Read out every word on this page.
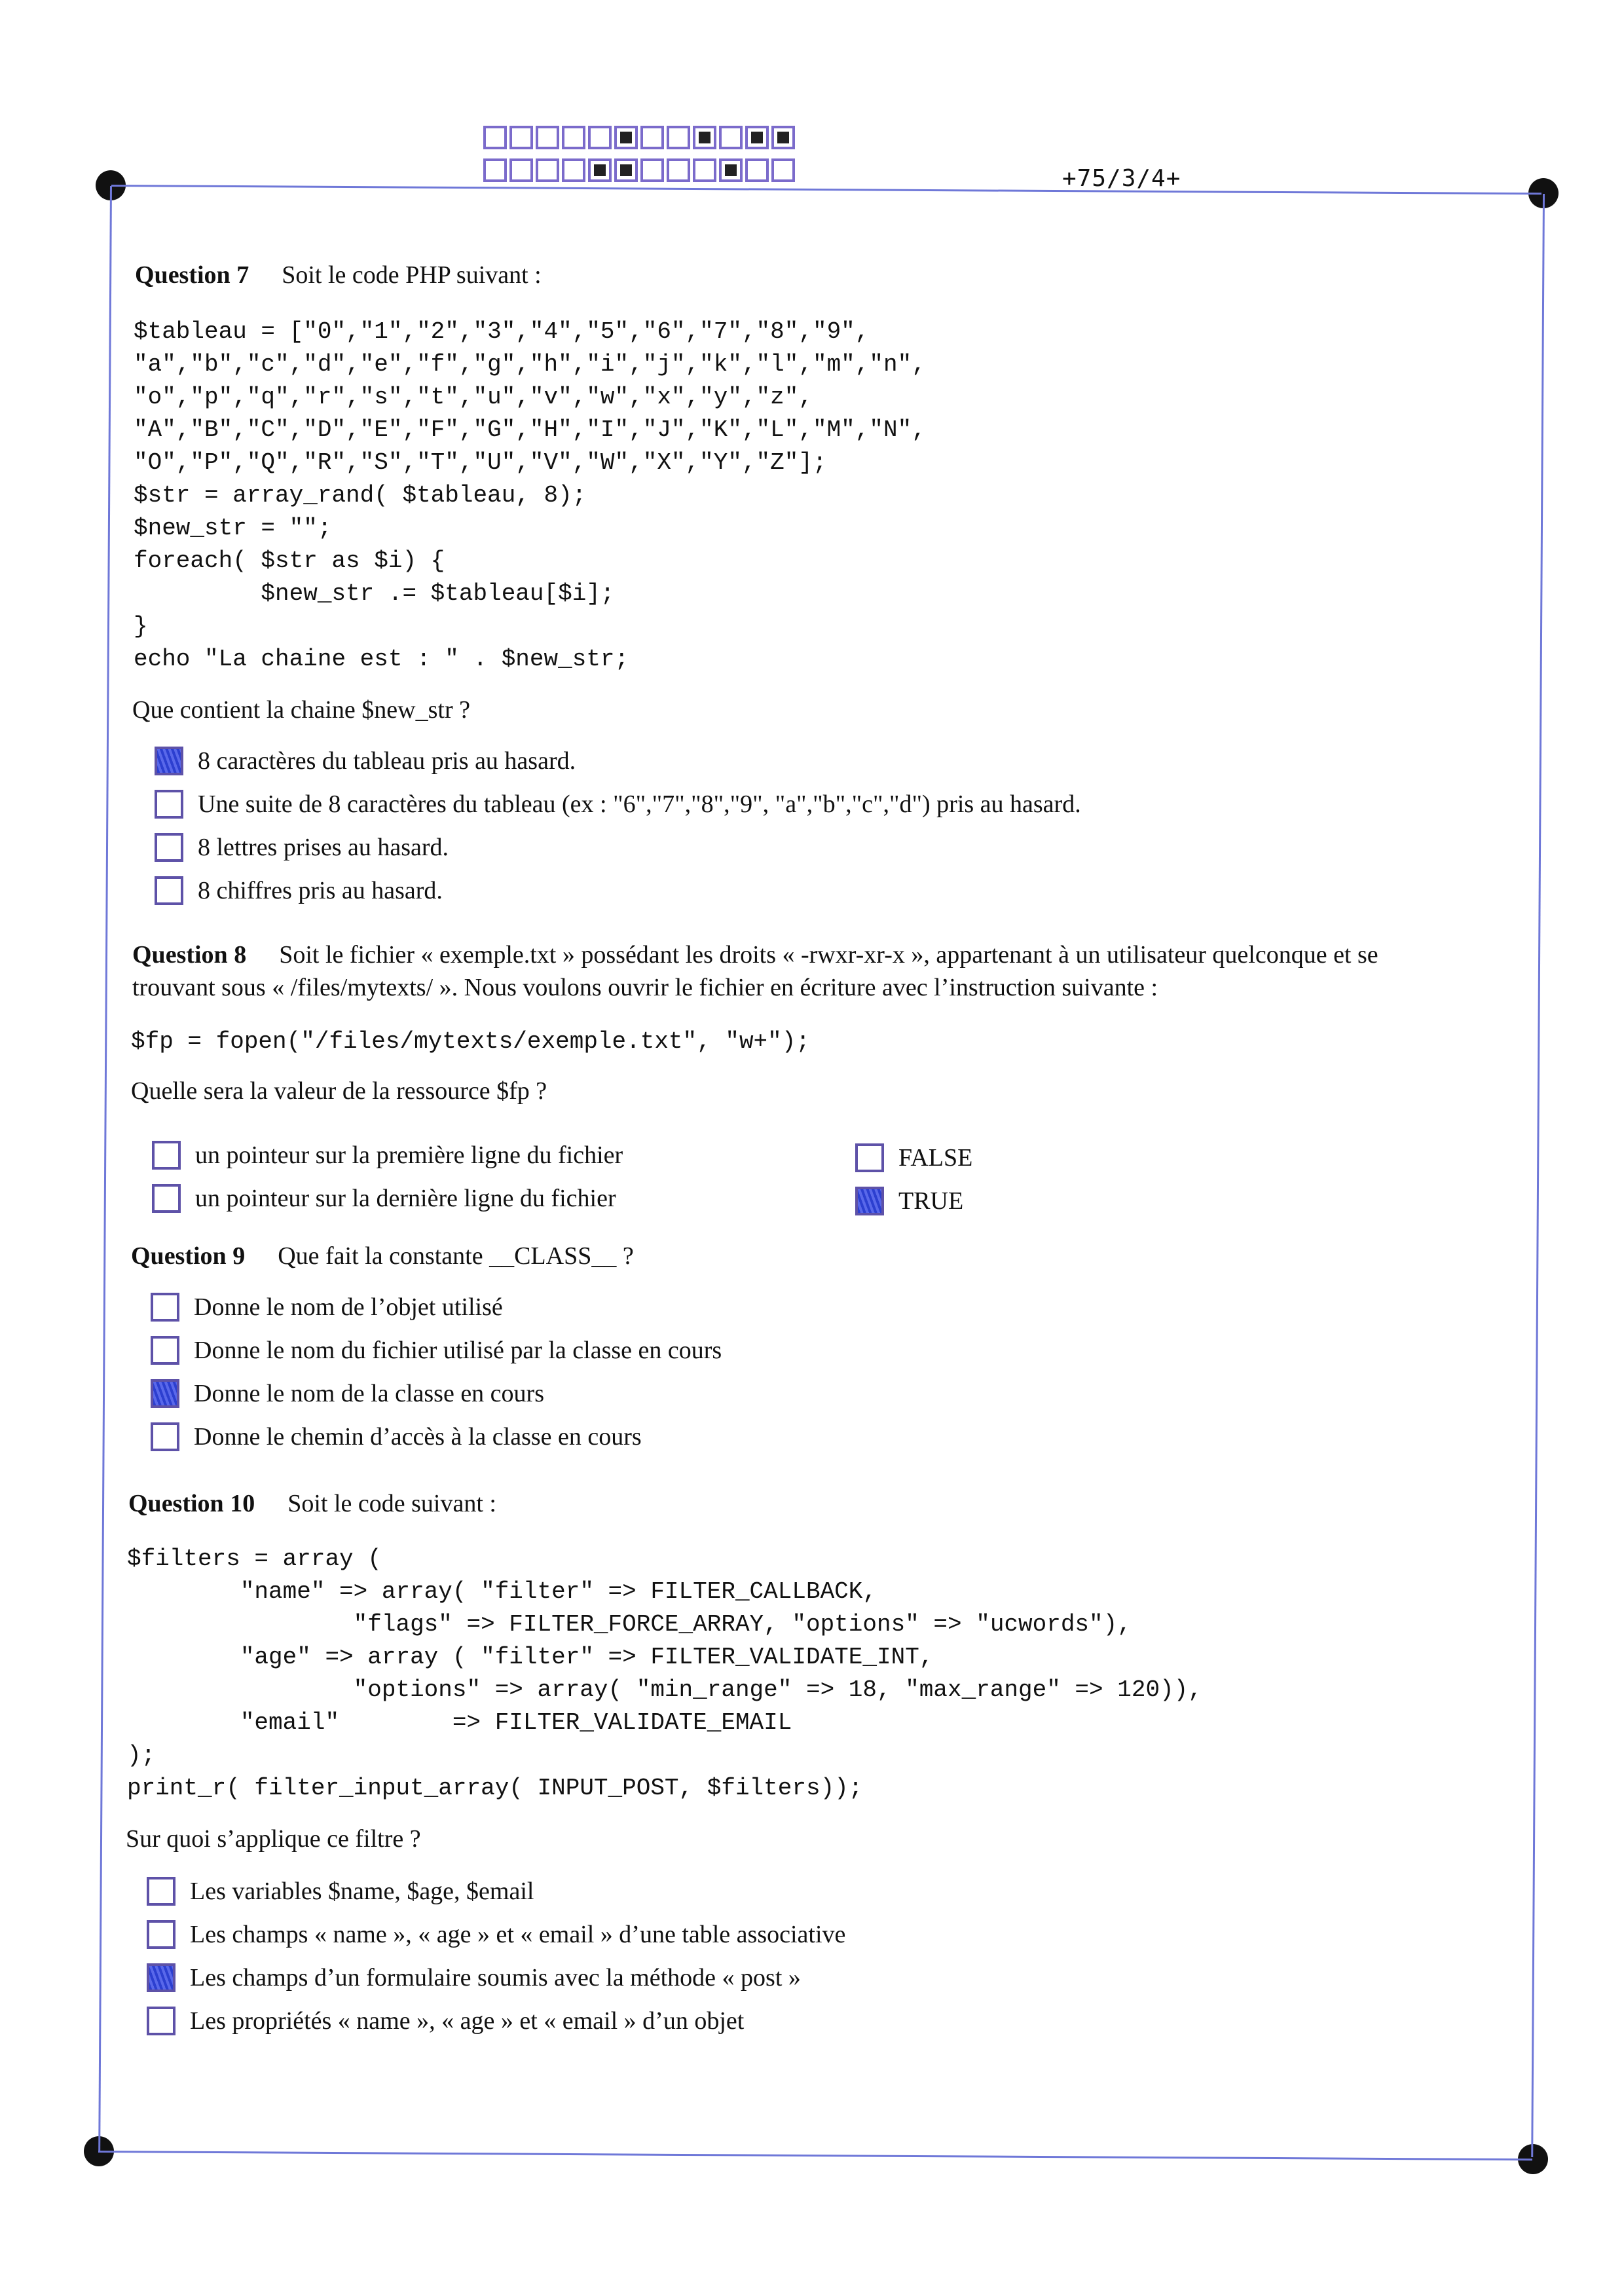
+75/3/4+
Question 7 Soit le code PHP suivant :
$tableau = ["0","1","2","3","4","5","6","7","8","9",
"a","b","c","d","e","f","g","h","i","j","k","l","m","n",
"o","p","q","r","s","t","u","v","w","x","y","z",
"A","B","C","D","E","F","G","H","I","J","K","L","M","N",
"O","P","Q","R","S","T","U","V","W","X","Y","Z"];
$str = array_rand( $tableau, 8);
$new_str = "";
foreach( $str as $i) {
$new_str .= $tableau[$i];
}
echo "La chaine est : " . $new_str;
Que contient la chaine $new_str ?
8 caractères du tableau pris au hasard.
Une suite de 8 caractères du tableau (ex : "6","7","8","9", "a","b","c","d") pris au hasard.
8 lettres prises au hasard.
8 chiffres pris au hasard.
Question 8 Soit le fichier « exemple.txt » possédant les droits « -rwxr-xr-x », appartenant à un utilisateur quelconque et se
trouvant sous « /files/mytexts/ ». Nous voulons ouvrir le fichier en écriture avec l’instruction suivante :
$fp = fopen("/files/mytexts/exemple.txt", "w+");
Quelle sera la valeur de la ressource $fp ?
un pointeur sur la première ligne du fichier
un pointeur sur la dernière ligne du fichier
FALSE
TRUE
Question 9 Que fait la constante __CLASS__ ?
Donne le nom de l’objet utilisé
Donne le nom du fichier utilisé par la classe en cours
Donne le nom de la classe en cours
Donne le chemin d’accès à la classe en cours
Question 10 Soit le code suivant :
$filters = array (
"name" => array( "filter" => FILTER_CALLBACK,
"flags" => FILTER_FORCE_ARRAY, "options" => "ucwords"),
"age" => array ( "filter" => FILTER_VALIDATE_INT,
"options" => array( "min_range" => 18, "max_range" => 120)),
"email"        => FILTER_VALIDATE_EMAIL
);
print_r( filter_input_array( INPUT_POST, $filters));
Sur quoi s’applique ce filtre ?
Les variables $name, $age, $email
Les champs « name », « age » et « email » d’une table associative
Les champs d’un formulaire soumis avec la méthode « post »
Les propriétés « name », « age » et « email » d’un objet
